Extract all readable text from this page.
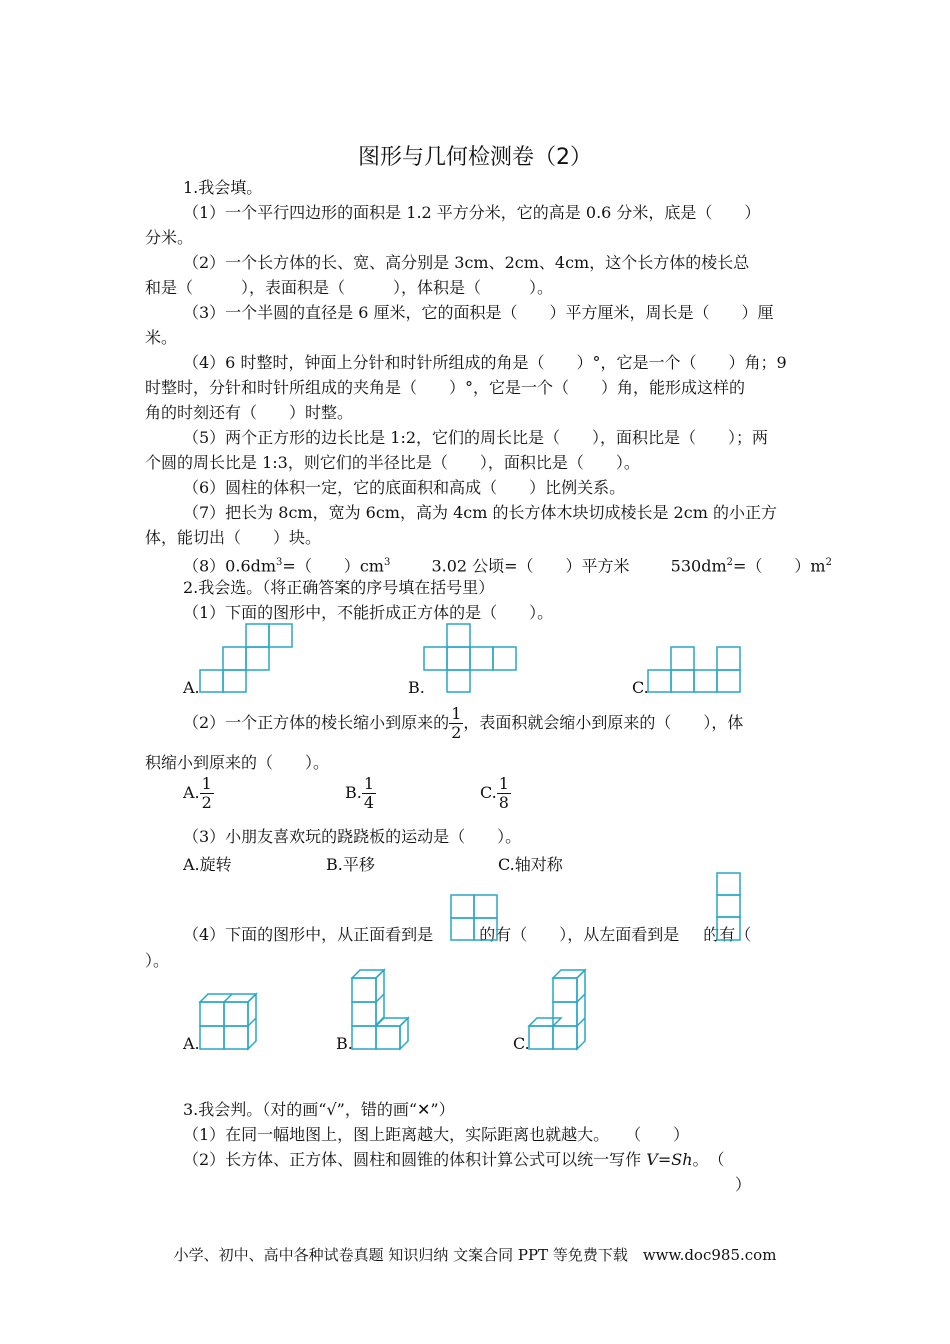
图形与几何检测卷（2）
1.我会填。
（1）一个平行四边形的面积是 1.2 平方分米，它的高是 0.6 分米，底是（　　）
分米。
（2）一个长方体的长、宽、高分别是 3cm、2cm、4cm，这个长方体的棱长总
和是（　　　），表面积是（　　　），体积是（　　　）。
（3）一个半圆的直径是 6 厘米，它的面积是（　　）平方厘米，周长是（　　）厘
米。
（4）6 时整时，钟面上分针和时针所组成的角是（　　）°，它是一个（　　）角；9
时整时，分针和时针所组成的夹角是（　　）°，它是一个（　　）角，能形成这样的
角的时刻还有（　　）时整。
（5）两个正方形的边长比是 1:2，它们的周长比是（　　），面积比是（　　）；两
个圆的周长比是 1:3，则它们的半径比是（　　），面积比是（　　）。
（6）圆柱的体积一定，它的底面积和高成（　　）比例关系。
（7）把长为 8cm，宽为 6cm，高为 4cm 的长方体木块切成棱长是 2cm 的小正方
体，能切出（　　）块。
$(8)0.6dm^3=$（　　）$cm^3$	3.02 公顷=（　　）平方米	$530dm^2=$（　　）$m^2$
2.我会选。（将正确答案的序号填在括号里）
（1）下面的图形中，不能折成正方体的是（　　）。
A.	B.	C.
（2）一个正方体的棱长缩小到原来的 $\frac{1}{2}$ ，表面积就会缩小到原来的（　　），体
积缩小到原来的（　　）。
A. $\frac{1}{2}$	B. $\frac{1}{4}$	C. $\frac{1}{8}$
（3）小朋友喜欢玩的跷跷板的运动是（　　）。
A.旋转	B.平移	C.轴对称
（4）下面的图形中，从正面看到是	的有（　　），从左面看到是 的有（
）。
A.	B.	C.
3.我会判。（对的画“√”，错的画“✕”）
（1）在同一幅地图上，图上距离越大，实际距离也就越大。　　（　　）
（2）长方体、正方体、圆柱和圆锥的体积计算公式可以统一写作 V=Sh。　（
）
小学、初中、高中各种试卷真题 知识归纳 文案合同 PPT 等免费下载　www.doc985.com
